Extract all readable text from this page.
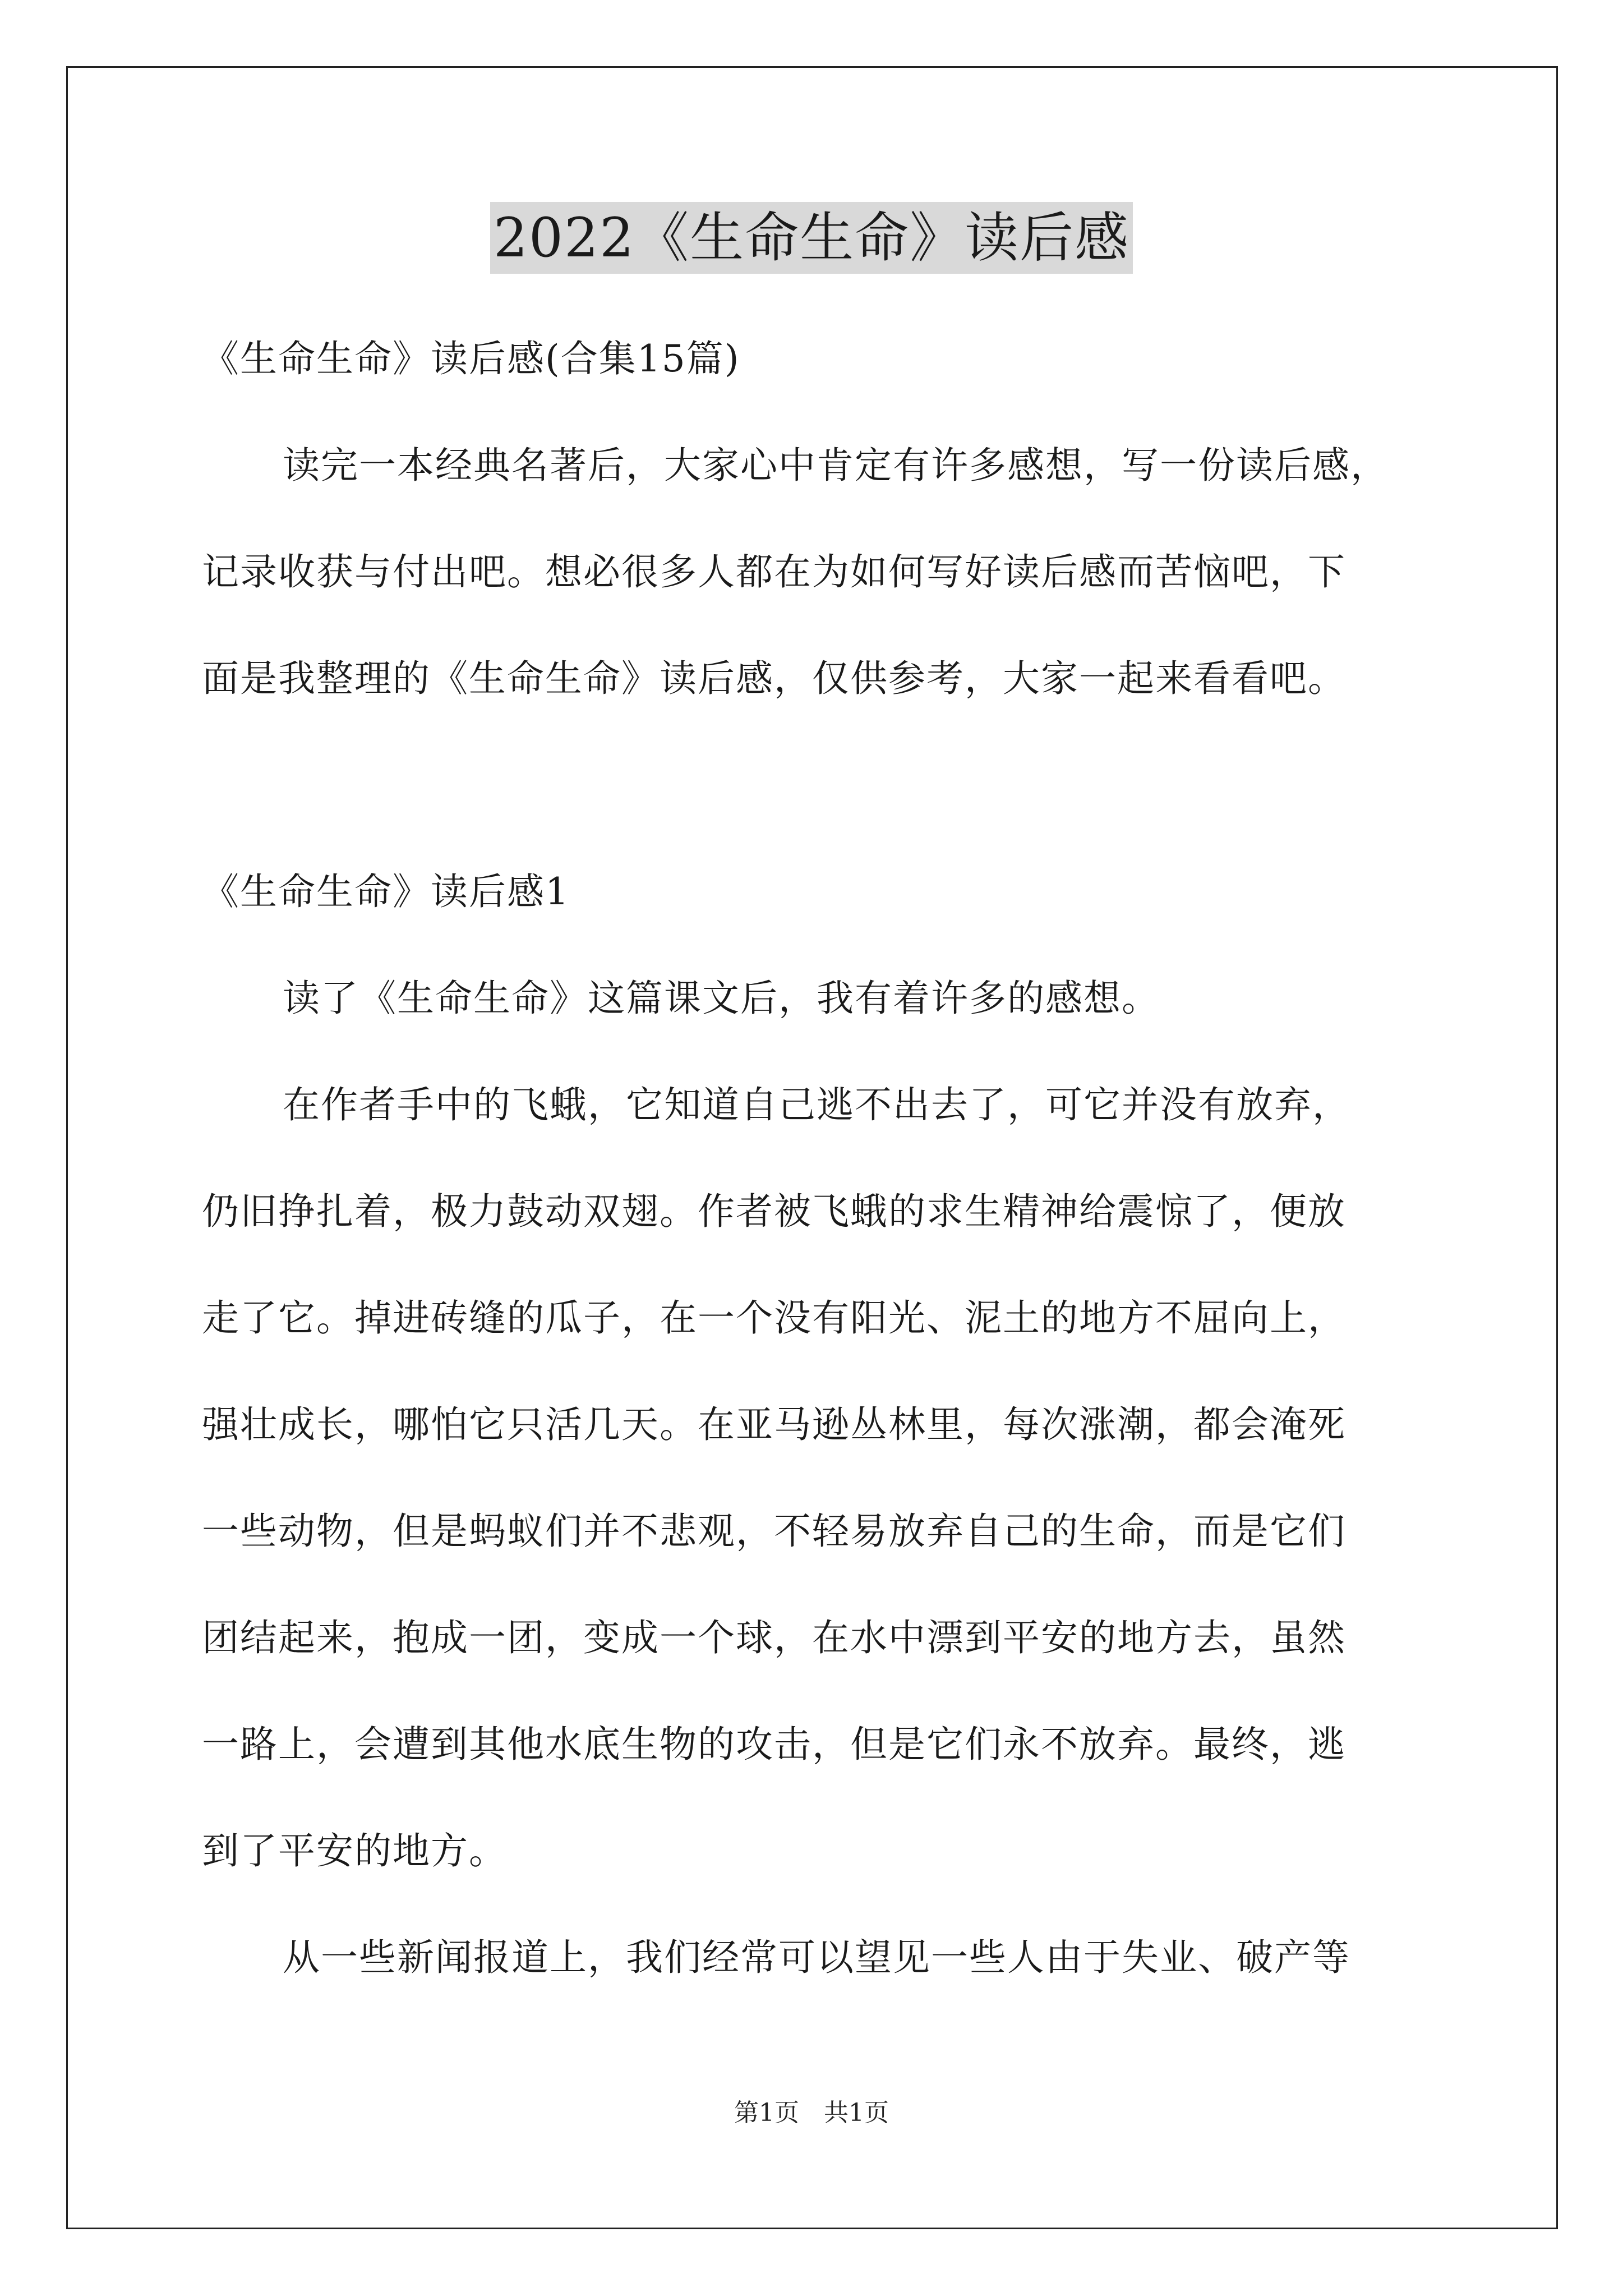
2022《生命生命》读后感
《生命生命》读后感(合集15篇)
读完一本经典名著后，大家心中肯定有许多感想，写一份读后感，
记录收获与付出吧。想必很多人都在为如何写好读后感而苦恼吧，下
面是我整理的《生命生命》读后感，仅供参考，大家一起来看看吧。
《生命生命》读后感1
读了《生命生命》这篇课文后，我有着许多的感想。
在作者手中的飞蛾，它知道自己逃不出去了，可它并没有放弃，
仍旧挣扎着，极力鼓动双翅。作者被飞蛾的求生精神给震惊了，便放
走了它。掉进砖缝的瓜子，在一个没有阳光、泥土的地方不屈向上，
强壮成长，哪怕它只活几天。在亚马逊丛林里，每次涨潮，都会淹死
一些动物，但是蚂蚁们并不悲观，不轻易放弃自己的生命，而是它们
团结起来，抱成一团，变成一个球，在水中漂到平安的地方去，虽然
一路上，会遭到其他水底生物的攻击，但是它们永不放弃。最终，逃
到了平安的地方。
从一些新闻报道上，我们经常可以望见一些人由于失业、破产等
第1页　共1页
